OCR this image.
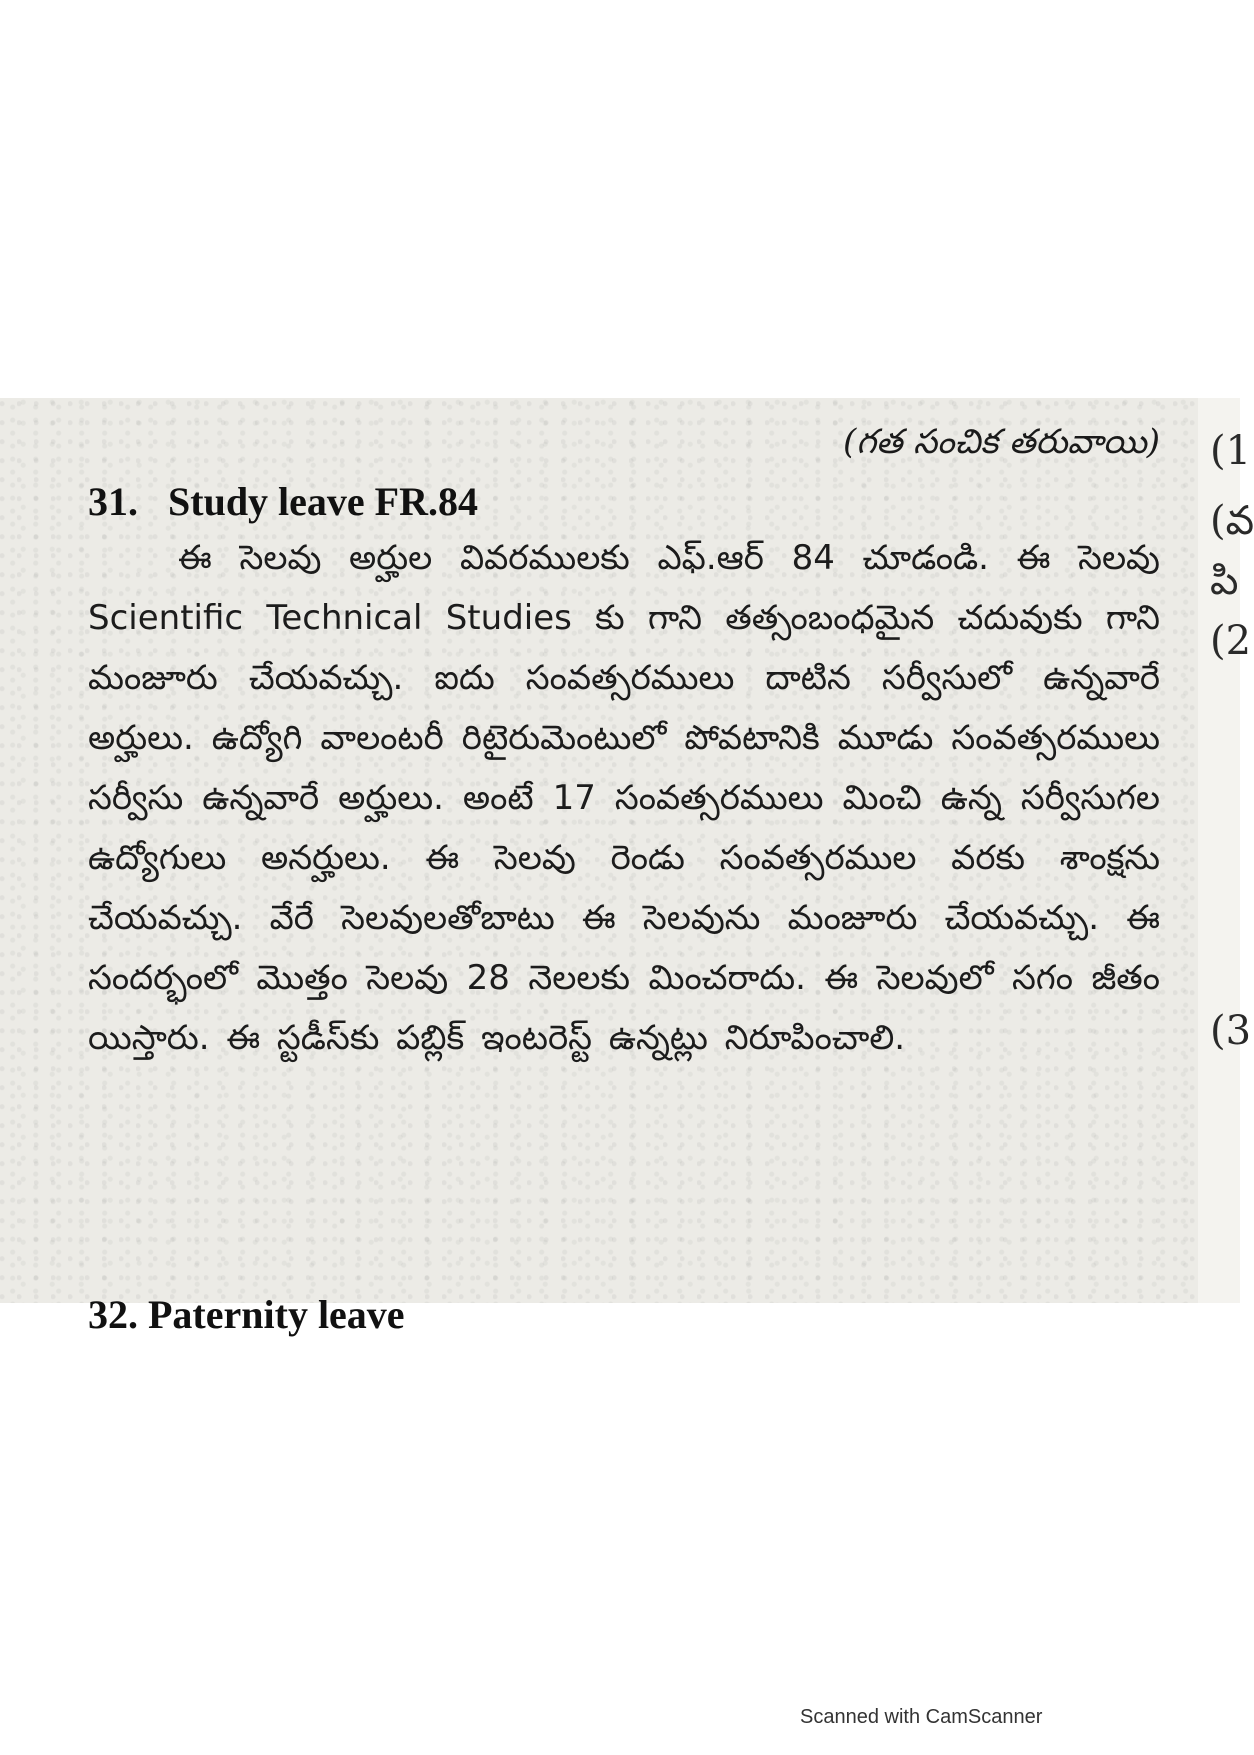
(గత సంచిక తరువాయి)
31. Study leave FR.84
ఈ సెలవు అర్హుల వివరములకు ఎఫ్.ఆర్ 84 చూడండి. ఈ సెలవు Scientific Technical Studies కు గాని తత్సంబంధమైన చదువుకు గాని మంజూరు చేయవచ్చు. ఐదు సంవత్సరములు దాటిన సర్వీసులో ఉన్నవారే అర్హులు. ఉద్యోగి వాలంటరీ రిటైరుమెంటులో పోవటానికి మూడు సంవత్సరములు సర్వీసు ఉన్నవారే అర్హులు. అంటే 17 సంవత్సరములు మించి ఉన్న సర్వీసుగల ఉద్యోగులు అనర్హులు. ఈ సెలవు రెండు సంవత్సరముల వరకు శాంక్షను చేయవచ్చు. వేరే సెలవులతోబాటు ఈ సెలవును మంజూరు చేయవచ్చు. ఈ సందర్భంలో మొత్తం సెలవు 28 నెలలకు మించరాదు. ఈ సెలవులో సగం జీతం యిస్తారు. ఈ స్టడీస్‌కు పబ్లిక్ ఇంటరెస్ట్ ఉన్నట్లు నిరూపించాలి.
32. Paternity leave
(1
(వ
పి
(2
(3
Scanned with CamScanner
